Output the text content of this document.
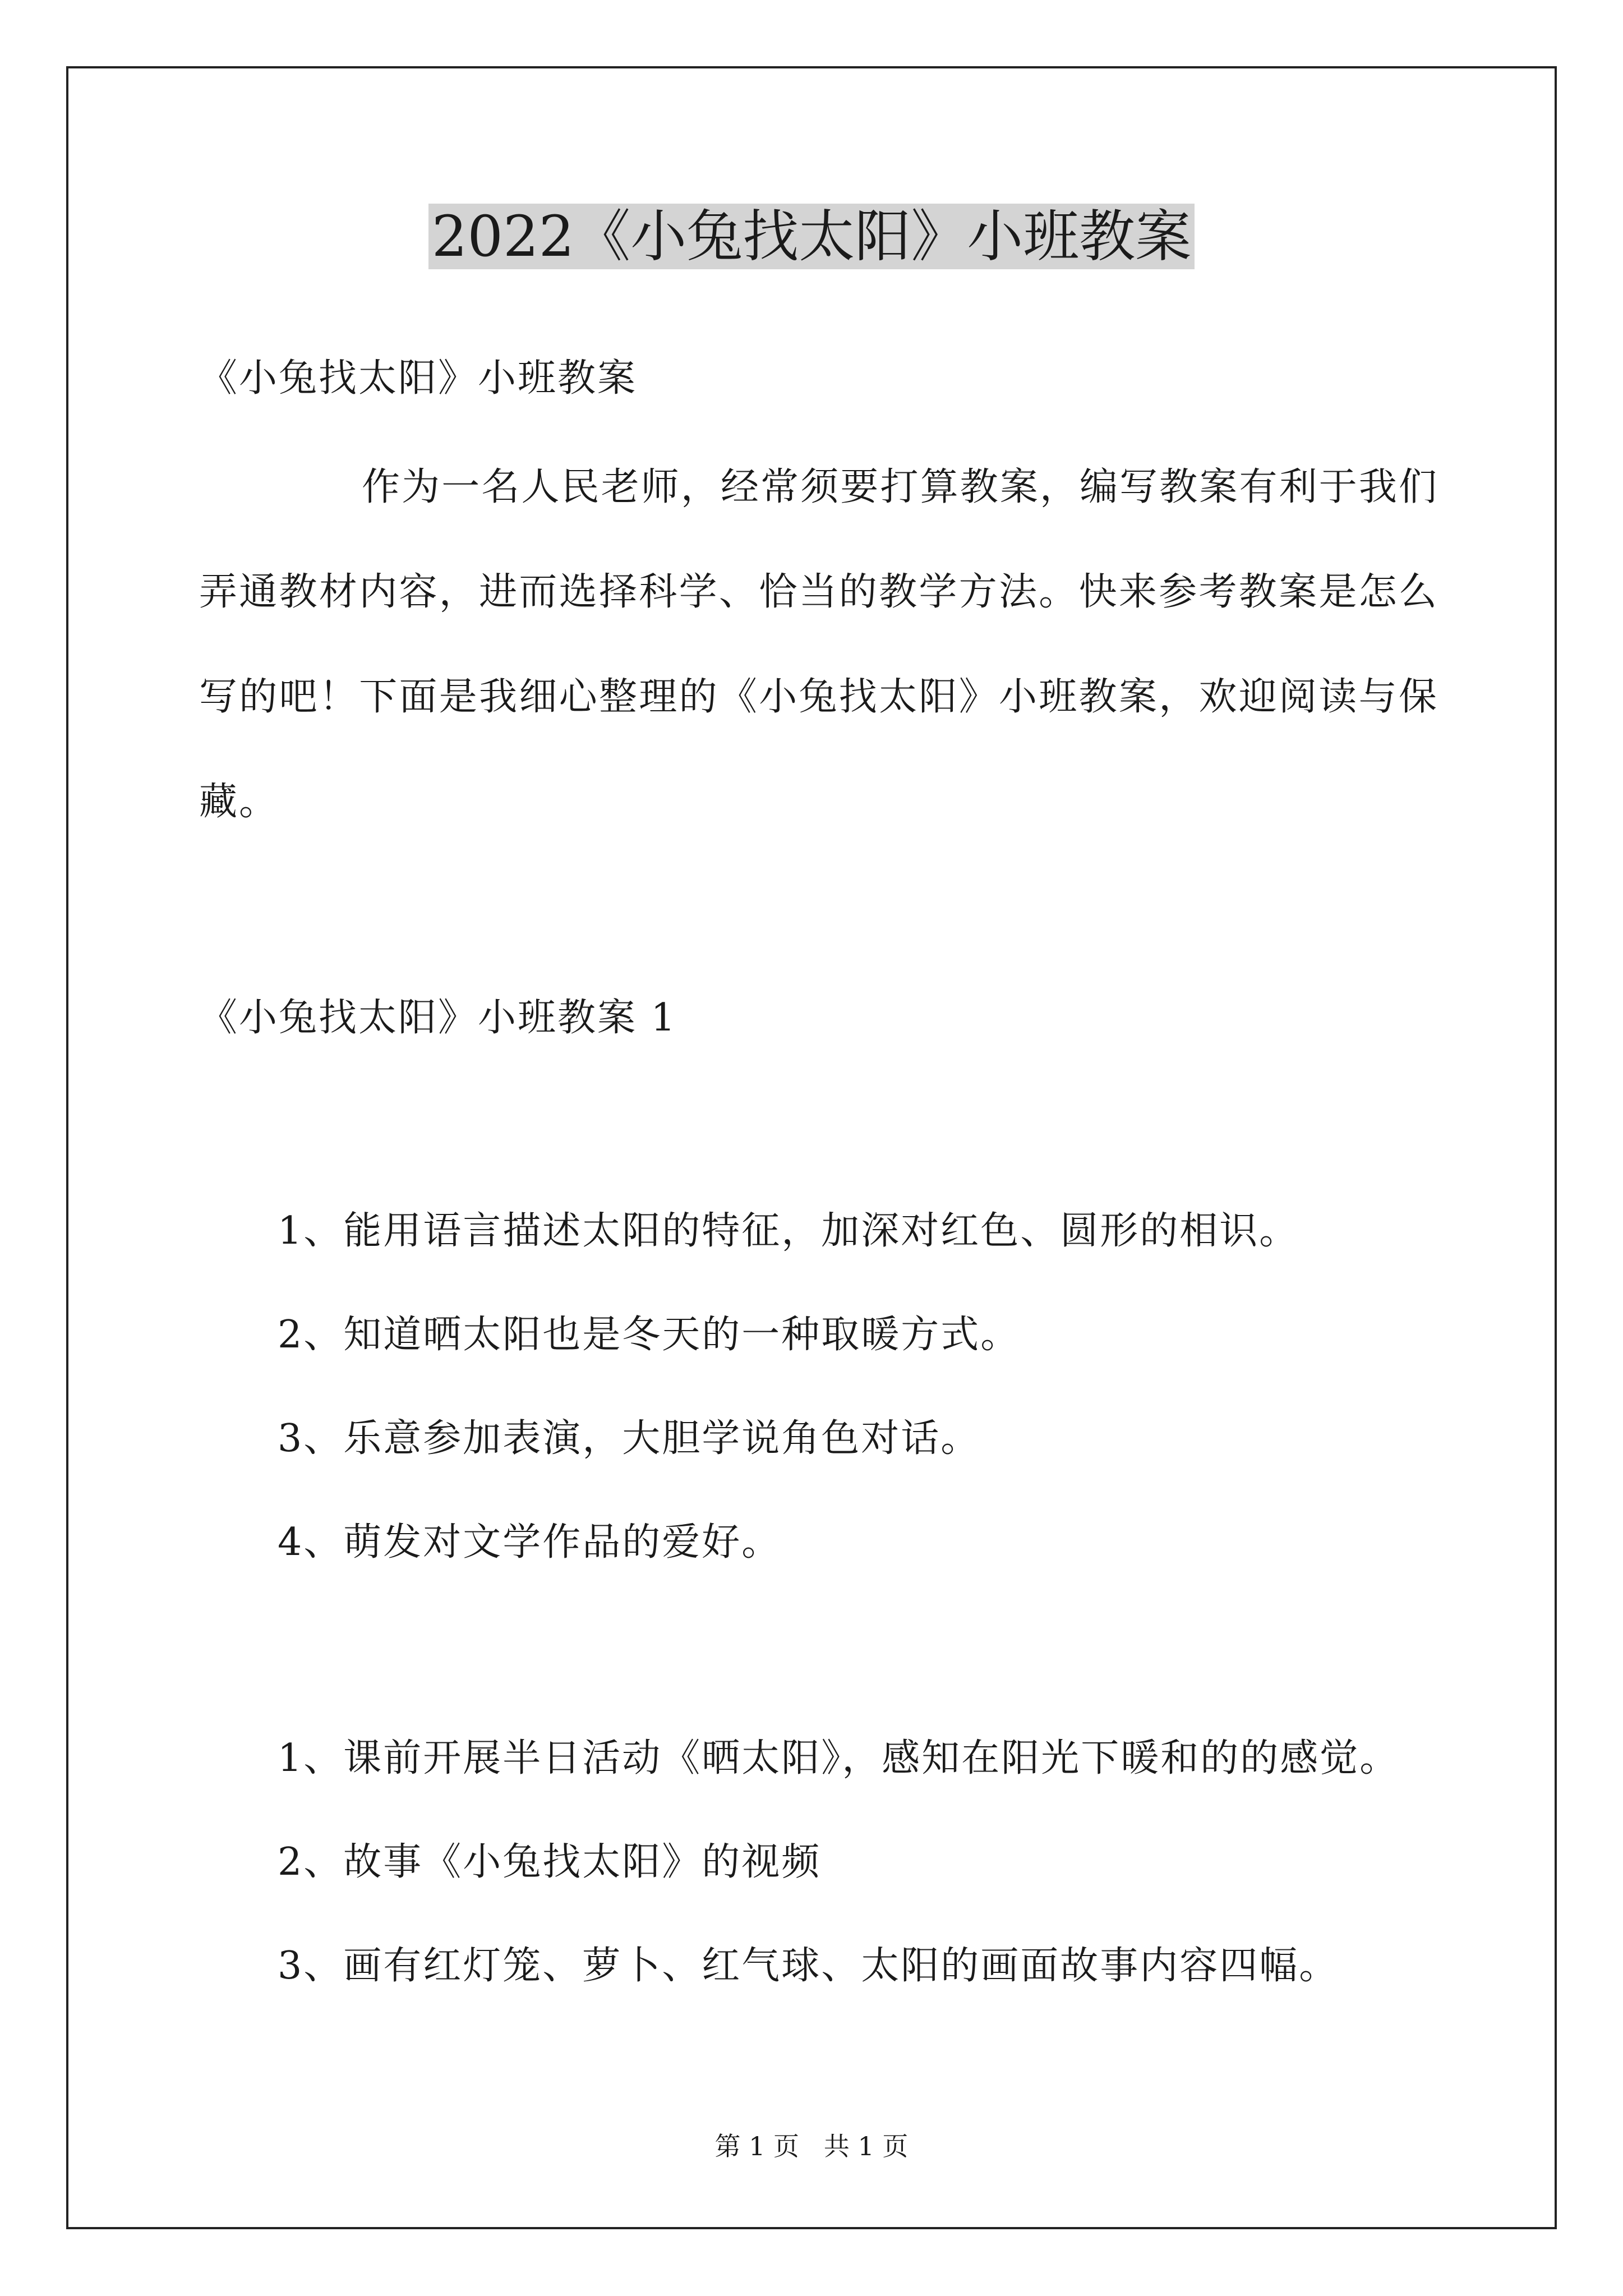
2022《小兔找太阳》小班教案
《小兔找太阳》小班教案
作为一名人民老师，经常须要打算教案，编写教案有利于我们弄通教材内容，进而选择科学、恰当的教学方法。快来参考教案是怎么写的吧！下面是我细心整理的《小兔找太阳》小班教案，欢迎阅读与保藏。
《小兔找太阳》小班教案 1
1、能用语言描述太阳的特征，加深对红色、圆形的相识。
2、知道晒太阳也是冬天的一种取暖方式。
3、乐意参加表演，大胆学说角色对话。
4、萌发对文学作品的爱好。
1、课前开展半日活动《晒太阳》，感知在阳光下暖和的的感觉。
2、故事《小兔找太阳》的视频
3、画有红灯笼、萝卜、红气球、太阳的画面故事内容四幅。
第 1 页   共 1 页
